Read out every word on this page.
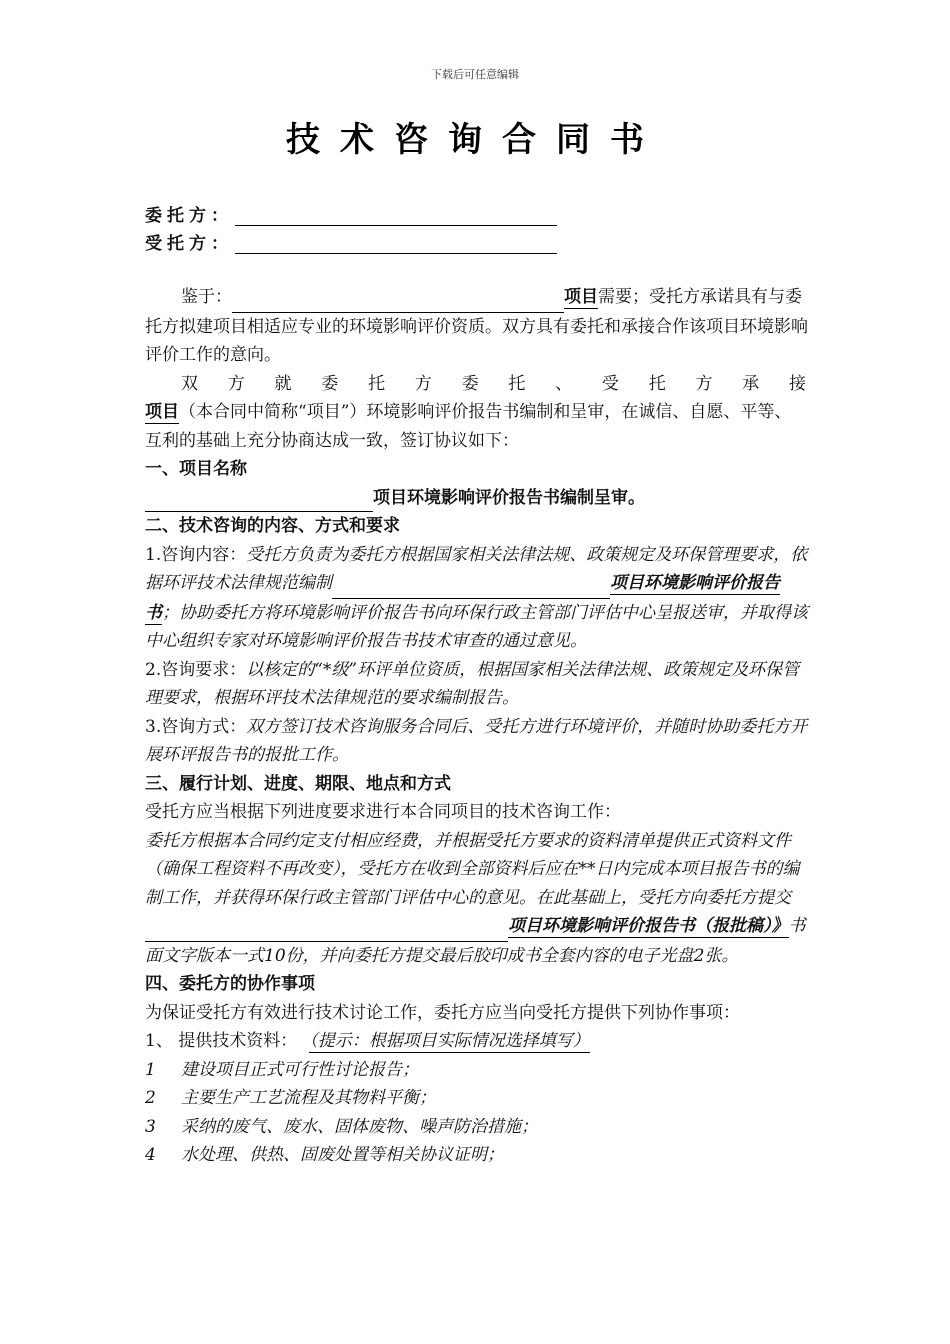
下载后可任意编辑
技术咨询合同书
委托方：
受托方：

鉴于：	项目需要；受托方承诺具有与委托方拟建项目相适应专业的环境影响评价资质。双方具有委托和承接合作该项目环境影响评价工作的意向。

双方就委托方委托、受托方承接

项目（本合同中简称“项目”）环境影响评价报告书编制和呈审，在诚信、自愿、平等、互利的基础上充分协商达成一致，签订协议如下：

一、项目名称

项目环境影响评价报告书编制呈审。

二、技术咨询的内容、方式和要求

1.咨询内容：受托方负责为委托方根据国家相关法律法规、政策规定及环保管理要求，依据环评技术法律规范编制	项目环境影响评价报告书；协助委托方将环境影响评价报告书向环保行政主管部门评估中心呈报送审，并取得该中心组织专家对环境影响评价报告书技术审查的通过意见。

2.咨询要求：以核定的“*级”环评单位资质，根据国家相关法律法规、政策规定及环保管理要求，根据环评技术法律规范的要求编制报告。

3.咨询方式：双方签订技术咨询服务合同后、受托方进行环境评价，并随时协助委托方开展环评报告书的报批工作。

三、履行计划、进度、期限、地点和方式

受托方应当根据下列进度要求进行本合同项目的技术咨询工作：

委托方根据本合同约定支付相应经费，并根据受托方要求的资料清单提供正式资料文件（确保工程资料不再改变），受托方在收到全部资料后应在**日内完成本项目报告书的编制工作，并获得环保行政主管部门评估中心的意见。在此基础上，受托方向委托方提交项目环境影响评价报告书（报批稿）》书面文字版本一式10份，并向委托方提交最后胶印成书全套内容的电子光盘2张。

四、委托方的协作事项

为保证受托方有效进行技术讨论工作，委托方应当向受托方提供下列协作事项：

1、 提供技术资料： （提示：根据项目实际情况选择填写）

1 建设项目正式可行性讨论报告；

2 主要生产工艺流程及其物料平衡；

3 采纳的废气、废水、固体废物、噪声防治措施；

4 水处理、供热、固废处置等相关协议证明；
